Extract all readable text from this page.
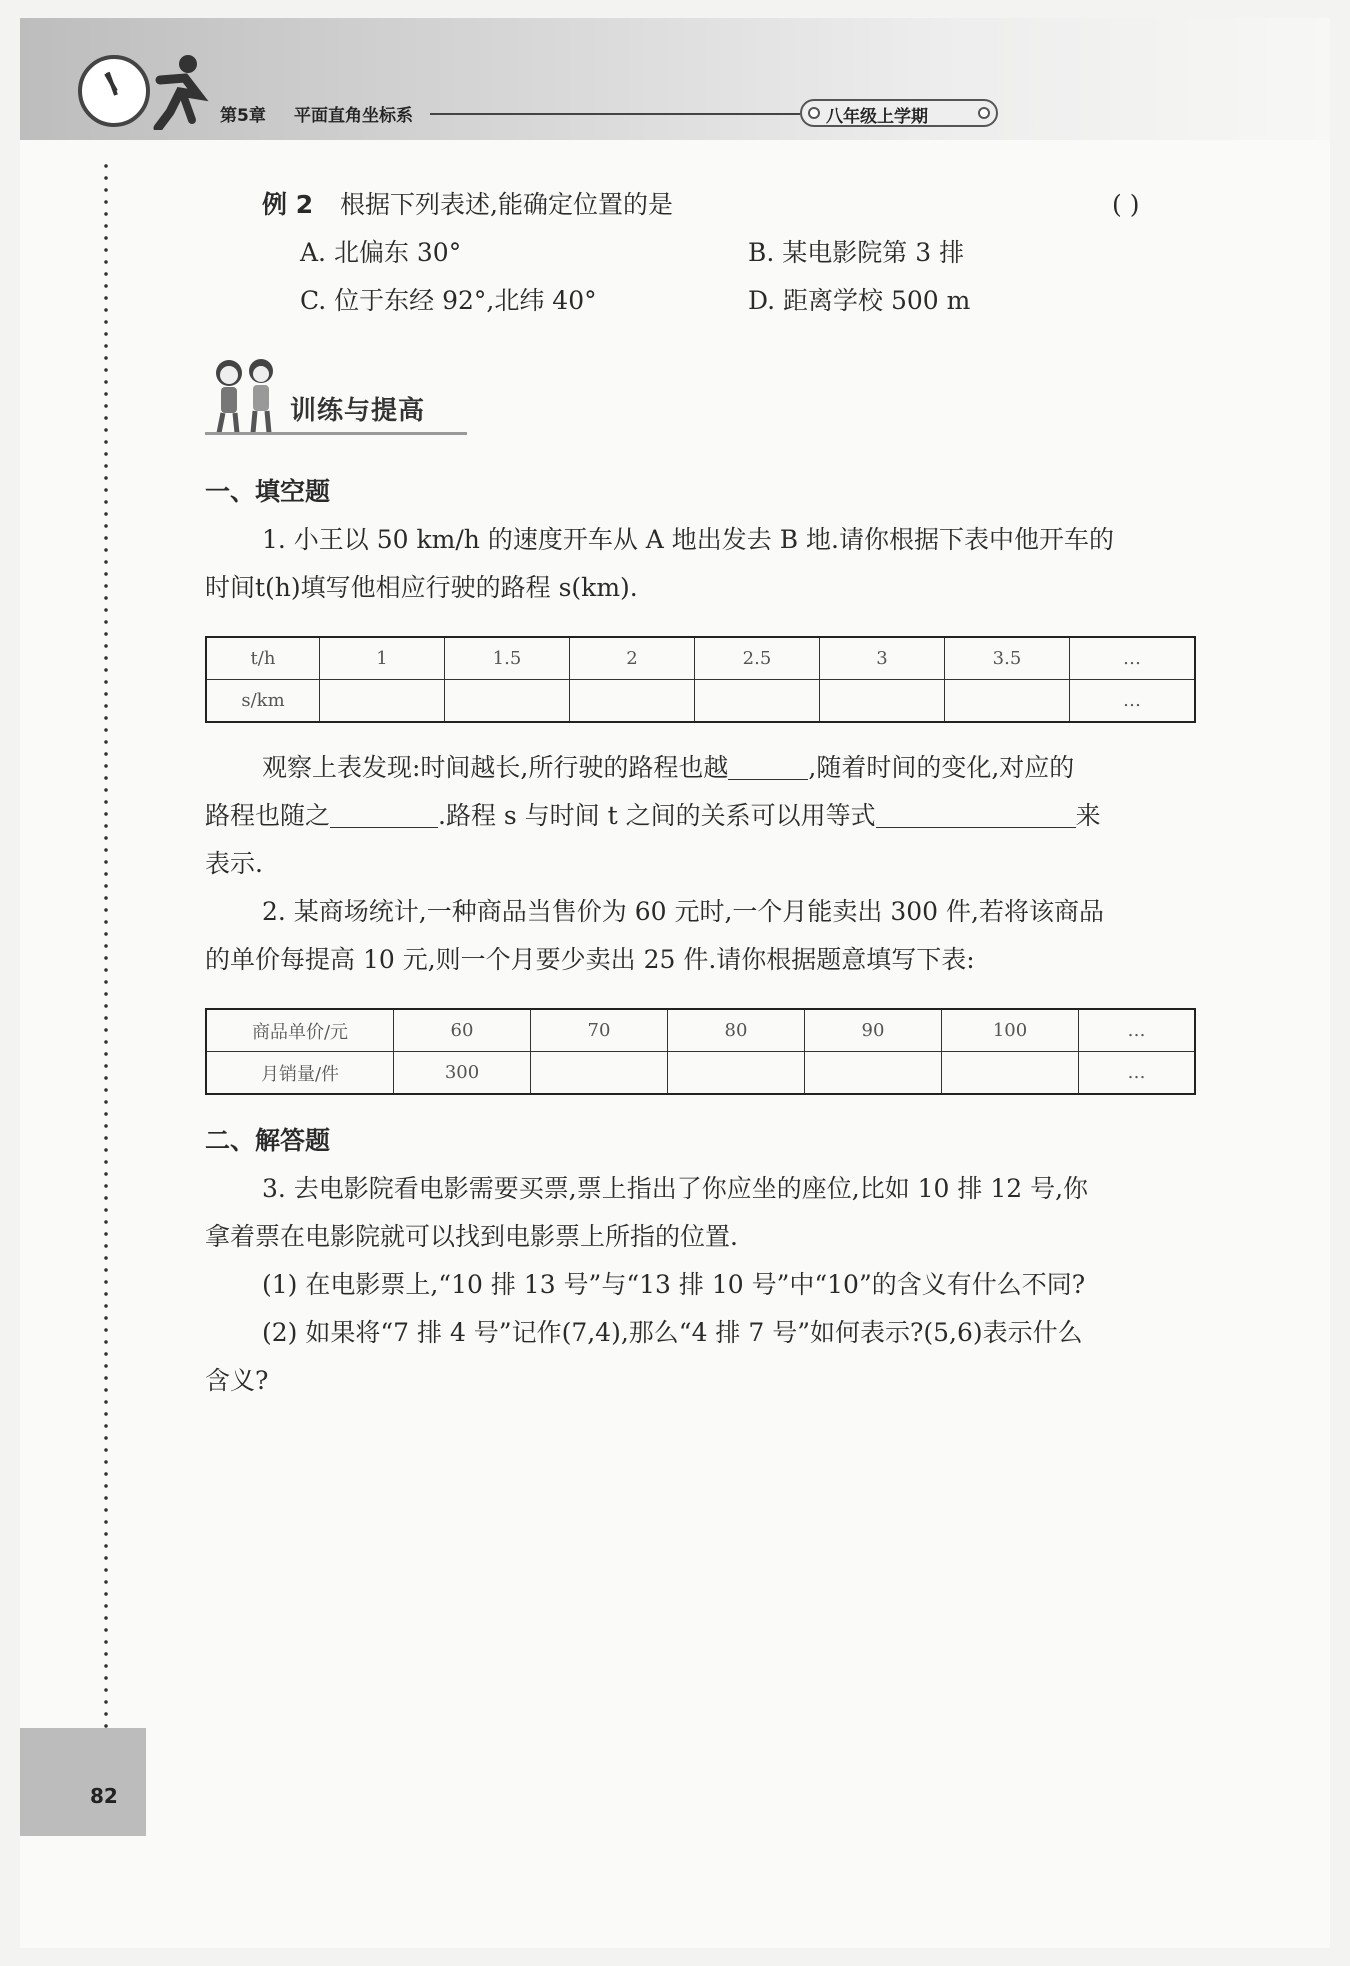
第5章 平面直角坐标系	八年级上学期
82
例 2 根据下列表述,能确定位置的是	( )
A. 北偏东 30°	B. 某电影院第 3 排
C. 位于东经 92°,北纬 40°	D. 距离学校 500 m
训练与提高
一、填空题
1. 小王以 50 km/h 的速度开车从 A 地出发去 B 地.请你根据下表中他开车的
时间t(h)填写他相应行驶的路程 s(km).
t/h	1	1.5	2	2.5	3	3.5	…
s/km							…
观察上表发现:时间越长,所行驶的路程也越	,随着时间的变化,对应的
路程也随之	.路程 s 与时间 t 之间的关系可以用等式	来
表示.
2. 某商场统计,一种商品当售价为 60 元时,一个月能卖出 300 件,若将该商品
的单价每提高 10 元,则一个月要少卖出 25 件.请你根据题意填写下表:
商品单价/元	60	70	80	90	100	…
月销量/件	300					…
二、解答题
3. 去电影院看电影需要买票,票上指出了你应坐的座位,比如 10 排 12 号,你
拿着票在电影院就可以找到电影票上所指的位置.
(1) 在电影票上,“10 排 13 号”与“13 排 10 号”中“10”的含义有什么不同?
(2) 如果将“7 排 4 号”记作(7,4),那么“4 排 7 号”如何表示?(5,6)表示什么
含义?
